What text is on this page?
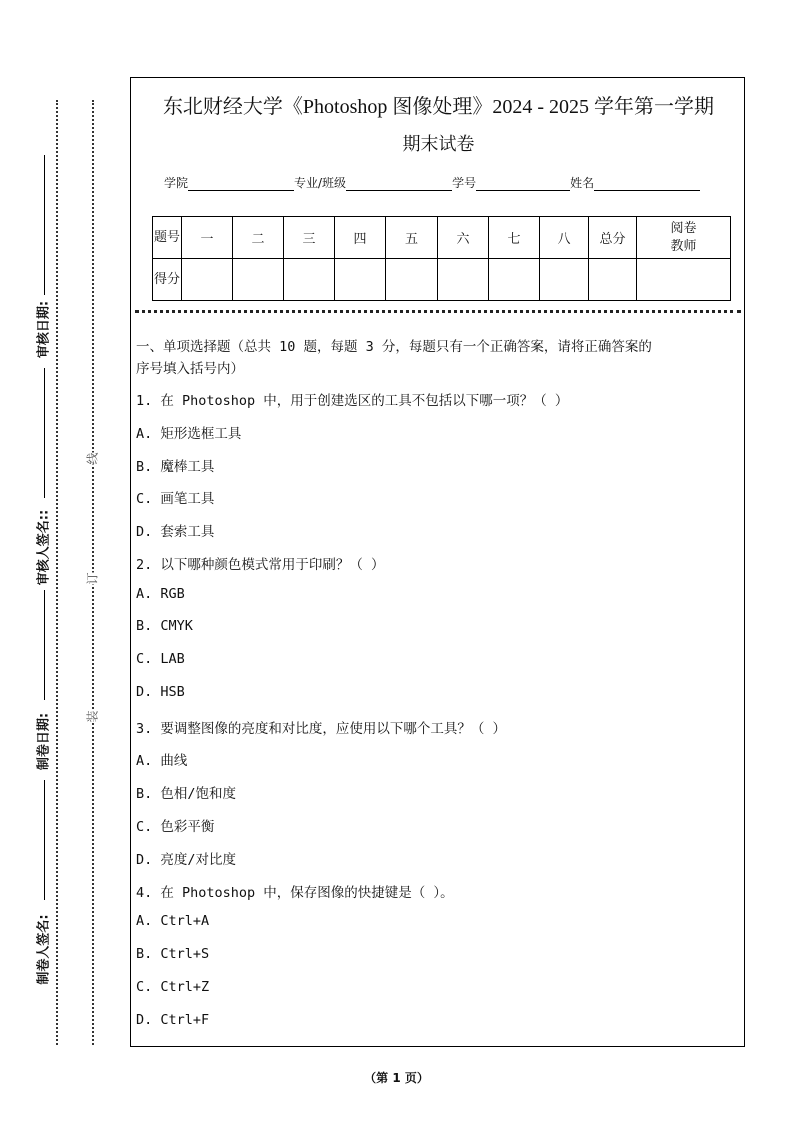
审核日期:
审核人签名::
制卷日期:
制卷人签名:
线
订
装
东北财经大学《Photoshop 图像处理》2024 - 2025 学年第一学期
期末试卷
学院	专业/班级	学号	姓名
题号	一	二	三	四	五	六	七	八	总分	阅卷教师
得分										
一、单项选择题（总共 10 题，每题 3 分，每题只有一个正确答案，请将正确答案的
序号填入括号内）
1. 在 Photoshop 中，用于创建选区的工具不包括以下哪一项？（ ）
A. 矩形选框工具
B. 魔棒工具
C. 画笔工具
D. 套索工具
2. 以下哪种颜色模式常用于印刷？（ ）
A. RGB
B. CMYK
C. LAB
D. HSB
3. 要调整图像的亮度和对比度，应使用以下哪个工具？（ ）
A. 曲线
B. 色相/饱和度
C. 色彩平衡
D. 亮度/对比度
4. 在 Photoshop 中，保存图像的快捷键是（ ）。
A. Ctrl+A
B. Ctrl+S
C. Ctrl+Z
D. Ctrl+F
（第 1 页）
